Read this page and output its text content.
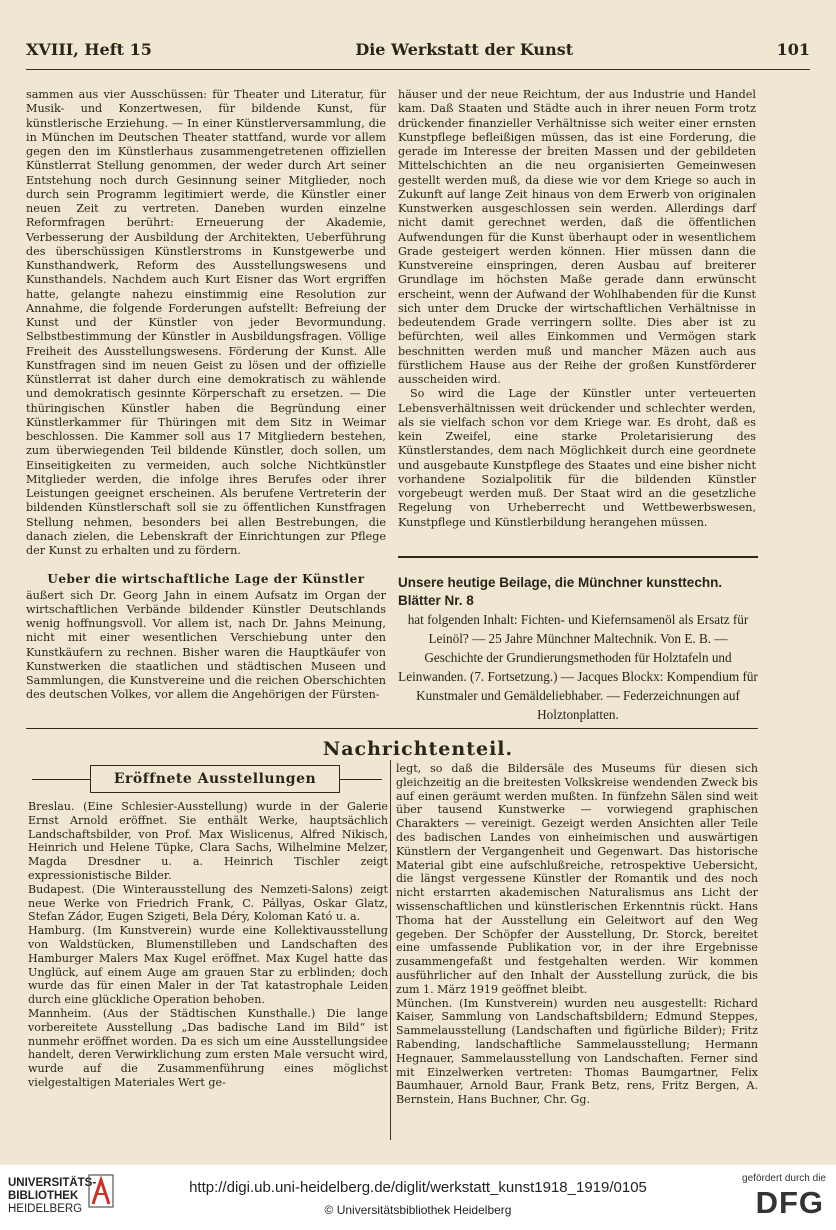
XVIII, Heft 15	Die Werkstatt der Kunst	101

sammen aus vier Ausschüssen: für Theater und Literatur, für Musik- und Konzertwesen, für bildende Kunst, für künstlerische Erziehung. — In einer Künstlerversammlung, die in München im Deutschen Theater stattfand, wurde vor allem gegen den im Künstlerhaus zusammengetretenen offiziellen Künstlerrat Stellung genommen, der weder durch Art seiner Entstehung noch durch Gesinnung seiner Mitglieder, noch durch sein Programm legitimiert werde, die Künstler einer neuen Zeit zu vertreten. Daneben wurden einzelne Reformfragen berührt: Erneuerung der Akademie, Verbesserung der Ausbildung der Architekten, Ueberführung des überschüssigen Künstlerstroms in Kunstgewerbe und Kunsthandwerk, Reform des Ausstellungswesens und Kunsthandels. Nachdem auch Kurt Eisner das Wort ergriffen hatte, gelangte nahezu einstimmig eine Resolution zur Annahme, die folgende Forderungen aufstellt: Befreiung der Kunst und der Künstler von jeder Bevormundung. Selbstbestimmung der Künstler in Ausbildungsfragen. Völlige Freiheit des Ausstellungswesens. Förderung der Kunst. Alle Kunstfragen sind im neuen Geist zu lösen und der offizielle Künstlerrat ist daher durch eine demokratisch zu wählende und demokratisch gesinnte Körperschaft zu ersetzen. — Die thüringischen Künstler haben die Begründung einer Künstlerkammer für Thüringen mit dem Sitz in Weimar beschlossen. Die Kammer soll aus 17 Mitgliedern bestehen, zum überwiegenden Teil bildende Künstler, doch sollen, um Einseitigkeiten zu vermeiden, auch solche Nichtkünstler Mitglieder werden, die infolge ihres Berufes oder ihrer Leistungen geeignet erscheinen. Als berufene Vertreterin der bildenden Künstlerschaft soll sie zu öffentlichen Kunstfragen Stellung nehmen, besonders bei allen Bestrebungen, die danach zielen, die Lebenskraft der Einrichtungen zur Pflege der Kunst zu erhalten und zu fördern.

Ueber die wirtschaftliche Lage der Künstler

äußert sich Dr. Georg Jahn in einem Aufsatz im Organ der wirtschaftlichen Verbände bildender Künstler Deutschlands wenig hoffnungsvoll. Vor allem ist, nach Dr. Jahns Meinung, nicht mit einer wesentlichen Verschiebung unter den Kunstkäufern zu rechnen. Bisher waren die Hauptkäufer von Kunstwerken die staatlichen und städtischen Museen und Sammlungen, die Kunstvereine und die reichen Oberschichten des deutschen Volkes, vor allem die Angehörigen der Fürsten-

häuser und der neue Reichtum, der aus Industrie und Handel kam. Daß Staaten und Städte auch in ihrer neuen Form trotz drückender finanzieller Verhältnisse sich weiter einer ernsten Kunstpflege befleißigen müssen, das ist eine Forderung, die gerade im Interesse der breiten Massen und der gebildeten Mittelschichten an die neu organisierten Gemeinwesen gestellt werden muß, da diese wie vor dem Kriege so auch in Zukunft auf lange Zeit hinaus von dem Erwerb von originalen Kunstwerken ausgeschlossen sein werden. Allerdings darf nicht damit gerechnet werden, daß die öffentlichen Aufwendungen für die Kunst überhaupt oder in wesentlichem Grade gesteigert werden können. Hier müssen dann die Kunstvereine einspringen, deren Ausbau auf breiterer Grundlage im höchsten Maße gerade dann erwünscht erscheint, wenn der Aufwand der Wohlhabenden für die Kunst sich unter dem Drucke der wirtschaftlichen Verhältnisse in bedeutendem Grade verringern sollte. Dies aber ist zu befürchten, weil alles Einkommen und Vermögen stark beschnitten werden muß und mancher Mäzen auch aus fürstlichem Hause aus der Reihe der großen Kunstförderer ausscheiden wird.

So wird die Lage der Künstler unter verteuerten Lebensverhältnissen weit drückender und schlechter werden, als sie vielfach schon vor dem Kriege war. Es droht, daß es kein Zweifel, eine starke Proletarisierung des Künstlerstandes, dem nach Möglichkeit durch eine geordnete und ausgebaute Kunstpflege des Staates und eine bisher nicht vorhandene Sozialpolitik für die bildenden Künstler vorgebeugt werden muß. Der Staat wird an die gesetzliche Regelung von Urheberrecht und Wettbewerbswesen, Kunstpflege und Künstlerbildung herangehen müssen.

Unsere heutige Beilage, die Münchner kunsttechn. Blätter Nr. 8
hat folgenden Inhalt: Fichten- und Kiefernsamenöl als Ersatz für Leinöl? — 25 Jahre Münchner Maltechnik. Von E. B. — Geschichte der Grundierungsmethoden für Holztafeln und Leinwanden. (7. Fortsetzung.) — Jacques Blockx: Kompendium für Kunstmaler und Gemäldeliebhaber. — Federzeichnungen auf Holztonplatten.
Nachrichtenteil.
Eröffnete Ausstellungen

Breslau. (Eine Schlesier-Ausstellung) wurde in der Galerie Ernst Arnold eröffnet. Sie enthält Werke, hauptsächlich Landschaftsbilder, von Prof. Max Wislicenus, Alfred Nikisch, Heinrich und Helene Tüpke, Clara Sachs, Wilhelmine Melzer, Magda Dresdner u. a. Heinrich Tischler zeigt expressionistische Bilder.

Budapest. (Die Winterausstellung des Nemzeti-Salons) zeigt neue Werke von Friedrich Frank, C. Pállyas, Oskar Glatz, Stefan Zádor, Eugen Szigeti, Bela Déry, Koloman Kató u. a.

Hamburg. (Im Kunstverein) wurde eine Kollektivausstellung von Waldstücken, Blumenstilleben und Landschaften des Hamburger Malers Max Kugel eröffnet. Max Kugel hatte das Unglück, auf einem Auge am grauen Star zu erblinden; doch wurde das für einen Maler in der Tat katastrophale Leiden durch eine glückliche Operation behoben.

Mannheim. (Aus der Städtischen Kunsthalle.) Die lange vorbereitete Ausstellung „Das badische Land im Bild“ ist nunmehr eröffnet worden. Da es sich um eine Ausstellungsidee handelt, deren Verwirklichung zum ersten Male versucht wird, wurde auf die Zusammenführung eines möglichst vielgestaltigen Materiales Wert ge-

legt, so daß die Bildersäle des Museums für diesen sich gleichzeitig an die breitesten Volkskreise wendenden Zweck bis auf einen geräumt werden mußten. In fünfzehn Sälen sind weit über tausend Kunstwerke — vorwiegend graphischen Charakters — vereinigt. Gezeigt werden Ansichten aller Teile des badischen Landes von einheimischen und auswärtigen Künstlern der Vergangenheit und Gegenwart. Das historische Material gibt eine aufschlußreiche, retrospektive Uebersicht, die längst vergessene Künstler der Romantik und des noch nicht erstarrten akademischen Naturalismus ans Licht der wissenschaftlichen und künstlerischen Erkenntnis rückt. Hans Thoma hat der Ausstellung ein Geleitwort auf den Weg gegeben. Der Schöpfer der Ausstellung, Dr. Storck, bereitet eine umfassende Publikation vor, in der ihre Ergebnisse zusammengefaßt und festgehalten werden. Wir kommen ausführlicher auf den Inhalt der Ausstellung zurück, die bis zum 1. März 1919 geöffnet bleibt.

München. (Im Kunstverein) wurden neu ausgestellt: Richard Kaiser, Sammlung von Landschaftsbildern; Edmund Steppes, Sammelausstellung (Landschaften und figürliche Bilder); Fritz Rabending, landschaftliche Sammelausstellung; Hermann Hegnauer, Sammelausstellung von Landschaften. Ferner sind mit Einzelwerken vertreten: Thomas Baumgartner, Felix Baumhauer, Arnold Baur, Frank Betz, rens, Fritz Bergen, A. Bernstein, Hans Buchner, Chr. Gg.

UNIVERSITÄTS-
BIBLIOTHEK
HEIDELBERG
http://digi.ub.uni-heidelberg.de/diglit/werkstatt_kunst1918_1919/0105
© Universitätsbibliothek Heidelberg
gefördert durch die
DFG
